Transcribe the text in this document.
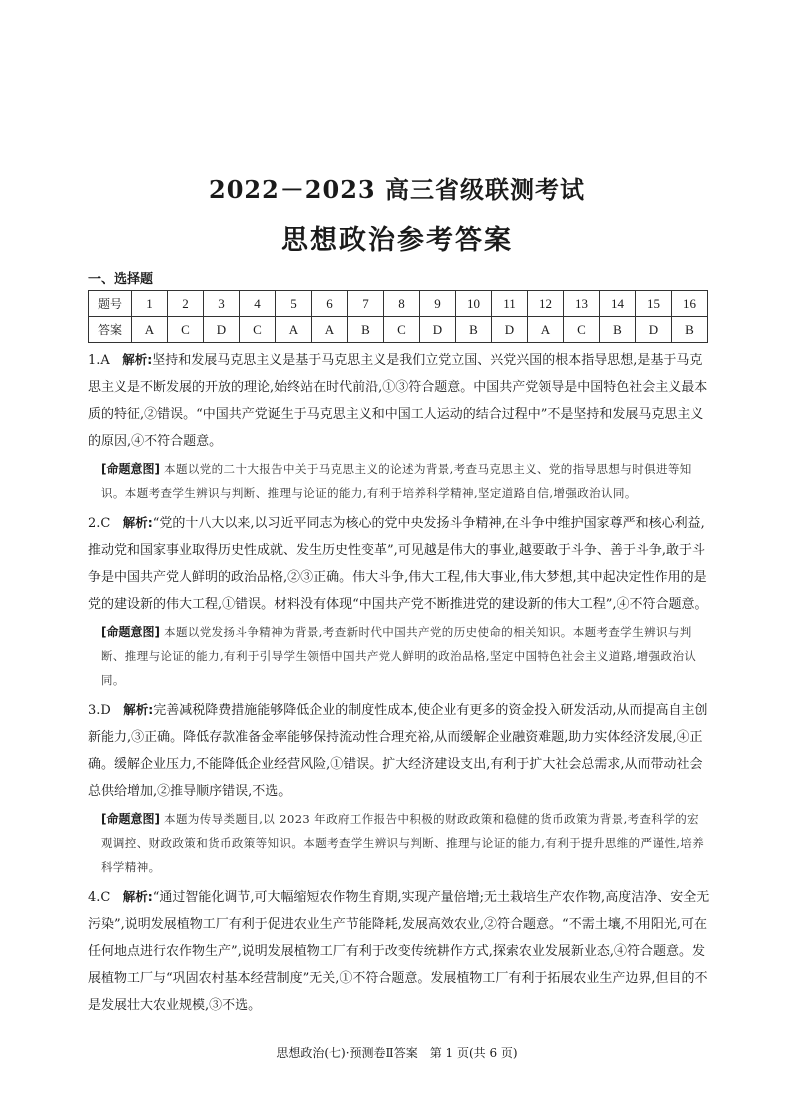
2022－2023 高三省级联测考试
思想政治参考答案
一、选择题
题号	1	2	3	4	5	6	7	8	9	10	11	12	13	14	15	16
答案	A	C	D	C	A	A	B	C	D	B	D	A	C	B	D	B
1.A 解析:坚持和发展马克思主义是基于马克思主义是我们立党立国、兴党兴国的根本指导思想,是基于马克思主义是不断发展的开放的理论,始终站在时代前沿,①③符合题意。中国共产党领导是中国特色社会主义最本质的特征,②错误。“中国共产党诞生于马克思主义和中国工人运动的结合过程中”不是坚持和发展马克思主义的原因,④不符合题意。
[命题意图] 本题以党的二十大报告中关于马克思主义的论述为背景,考查马克思主义、党的指导思想与时俱进等知识。本题考查学生辨识与判断、推理与论证的能力,有利于培养科学精神,坚定道路自信,增强政治认同。
2.C 解析:“党的十八大以来,以习近平同志为核心的党中央发扬斗争精神,在斗争中维护国家尊严和核心利益,推动党和国家事业取得历史性成就、发生历史性变革”,可见越是伟大的事业,越要敢于斗争、善于斗争,敢于斗争是中国共产党人鲜明的政治品格,②③正确。伟大斗争,伟大工程,伟大事业,伟大梦想,其中起决定性作用的是党的建设新的伟大工程,①错误。材料没有体现“中国共产党不断推进党的建设新的伟大工程”,④不符合题意。
[命题意图] 本题以党发扬斗争精神为背景,考查新时代中国共产党的历史使命的相关知识。本题考查学生辨识与判断、推理与论证的能力,有利于引导学生领悟中国共产党人鲜明的政治品格,坚定中国特色社会主义道路,增强政治认同。
3.D 解析:完善减税降费措施能够降低企业的制度性成本,使企业有更多的资金投入研发活动,从而提高自主创新能力,③正确。降低存款准备金率能够保持流动性合理充裕,从而缓解企业融资难题,助力实体经济发展,④正确。缓解企业压力,不能降低企业经营风险,①错误。扩大经济建设支出,有利于扩大社会总需求,从而带动社会总供给增加,②推导顺序错误,不选。
[命题意图] 本题为传导类题目,以 2023 年政府工作报告中积极的财政政策和稳健的货币政策为背景,考查科学的宏观调控、财政政策和货币政策等知识。本题考查学生辨识与判断、推理与论证的能力,有利于提升思维的严谨性,培养科学精神。
4.C 解析:“通过智能化调节,可大幅缩短农作物生育期,实现产量倍增;无土栽培生产农作物,高度洁净、安全无污染”,说明发展植物工厂有利于促进农业生产节能降耗,发展高效农业,②符合题意。“不需土壤,不用阳光,可在任何地点进行农作物生产”,说明发展植物工厂有利于改变传统耕作方式,探索农业发展新业态,④符合题意。发展植物工厂与“巩固农村基本经营制度”无关,①不符合题意。发展植物工厂有利于拓展农业生产边界,但目的不是发展壮大农业规模,③不选。
思想政治(七)·预测卷Ⅱ答案　第 1 页(共 6 页)
